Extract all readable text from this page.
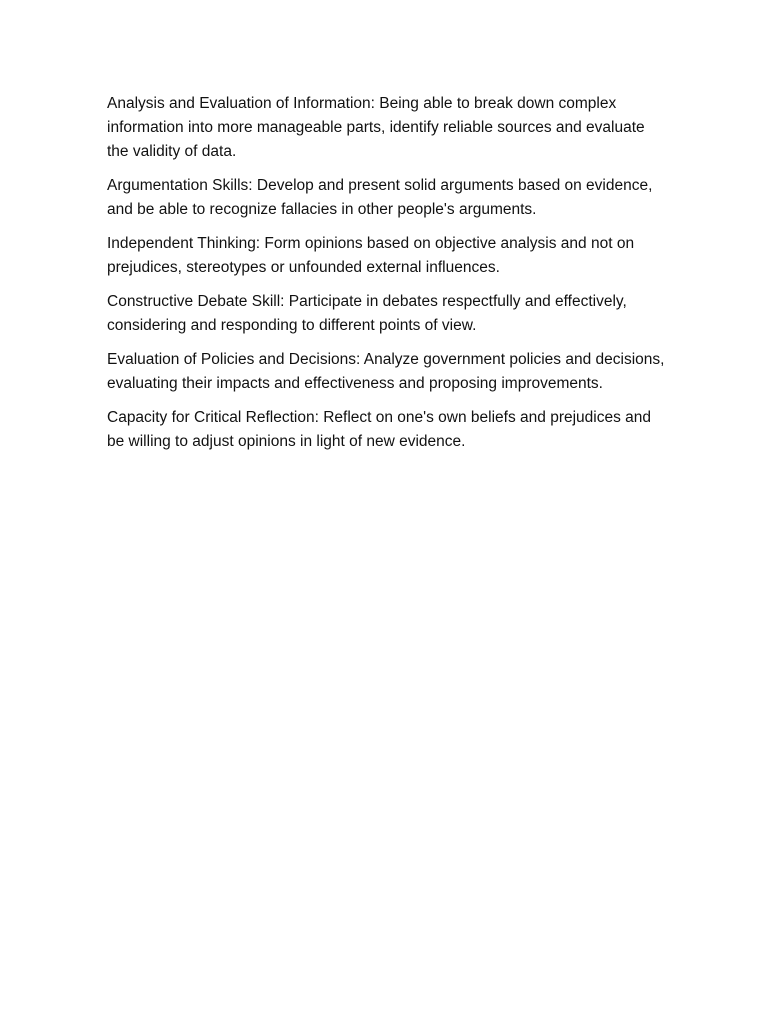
Analysis and Evaluation of Information: Being able to break down complex information into more manageable parts, identify reliable sources and evaluate the validity of data.

Argumentation Skills: Develop and present solid arguments based on evidence, and be able to recognize fallacies in other people's arguments.

Independent Thinking: Form opinions based on objective analysis and not on prejudices, stereotypes or unfounded external influences.

Constructive Debate Skill: Participate in debates respectfully and effectively, considering and responding to different points of view.

Evaluation of Policies and Decisions: Analyze government policies and decisions, evaluating their impacts and effectiveness and proposing improvements.

Capacity for Critical Reflection: Reflect on one's own beliefs and prejudices and be willing to adjust opinions in light of new evidence.
